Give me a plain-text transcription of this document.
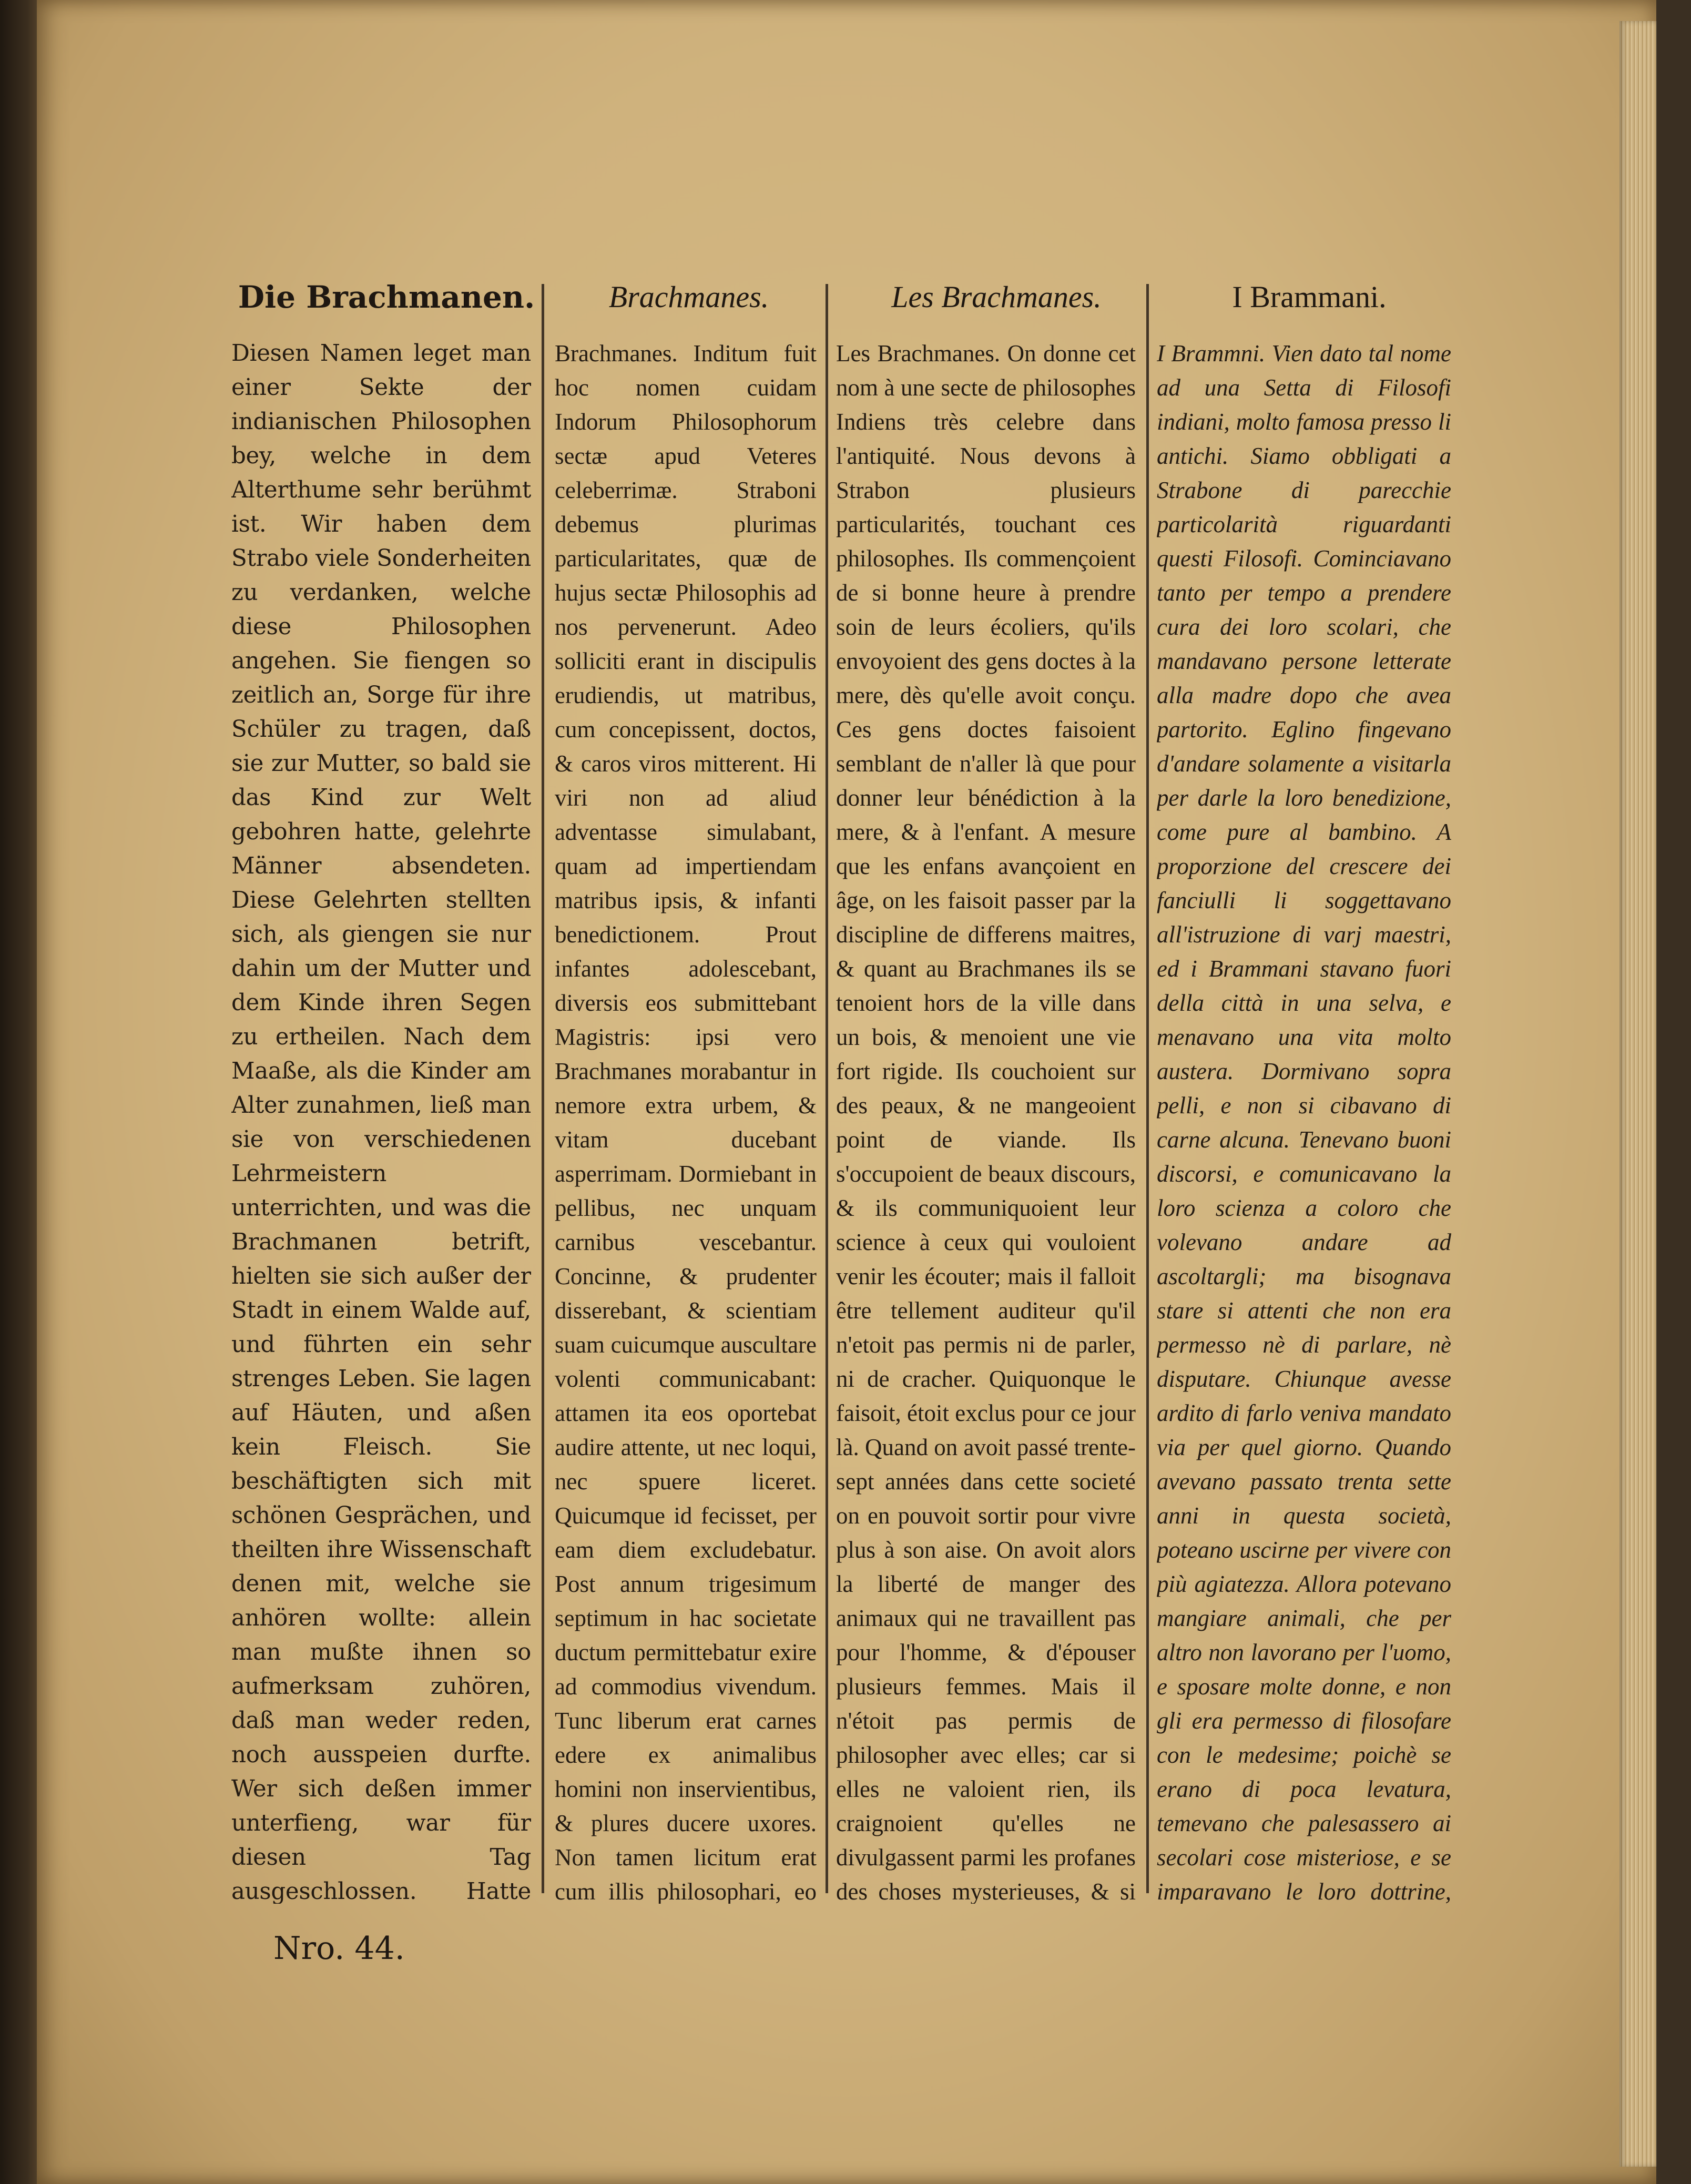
Die Brachmanen.	Brachmanes.	Les Brachmanes.	I Brammani.

Diesen Namen leget man einer Sekte der indianischen Philosophen bey, welche in dem Alterthume sehr berühmt ist. Wir haben dem Strabo viele Sonderheiten zu verdanken, welche diese Philosophen angehen. Sie fiengen so zeitlich an, Sorge für ihre Schüler zu tragen, daß sie zur Mutter, so bald sie das Kind zur Welt gebohren hatte, gelehrte Männer absendeten. Diese Gelehrten stellten sich, als giengen sie nur dahin um der Mutter und dem Kinde ihren Segen zu ertheilen. Nach dem Maaße, als die Kinder am Alter zunahmen, ließ man sie von verschiedenen Lehrmeistern unterrichten, und was die Brachmanen betrift, hielten sie sich außer der Stadt in einem Walde auf, und führten ein sehr strenges Leben. Sie lagen auf Häuten, und aßen kein Fleisch. Sie beschäftigten sich mit schönen Gesprächen, und theilten ihre Wissenschaft denen mit, welche sie anhören wollte: allein man mußte ihnen so aufmerksam zuhören, daß man weder reden, noch ausspeien durfte. Wer sich deßen immer unterfieng, war für diesen Tag ausgeschlossen. Hatte

Brachmanes. Inditum fuit hoc nomen cuidam Indorum Philosophorum sectæ apud Veteres celeberrimæ. Straboni debemus plurimas particularitates, quæ de hujus sectæ Philosophis ad nos pervenerunt. Adeo solliciti erant in discipulis erudiendis, ut matribus, cum concepissent, doctos, & caros viros mitterent. Hi viri non ad aliud adventasse simulabant, quam ad impertiendam matribus ipsis, & infanti benedictionem. Prout infantes adolescebant, diversis eos submittebant Magistris: ipsi vero Brachmanes morabantur in nemore extra urbem, & vitam ducebant asperrimam. Dormiebant in pellibus, nec unquam carnibus vescebantur. Concinne, & prudenter disserebant, & scientiam suam cuicumque auscultare volenti communicabant: attamen ita eos oportebat audire attente, ut nec loqui, nec spuere liceret. Quicumque id fecisset, per eam diem excludebatur. Post annum trigesimum septimum in hac societate ductum permittebatur exire ad commodius vivendum. Tunc liberum erat carnes edere ex animalibus homini non inservientibus, & plures ducere uxores. Non tamen licitum erat cum illis philosophari, eo

Les Brachmanes. On donne cet nom à une secte de philosophes Indiens très celebre dans l'antiquité. Nous devons à Strabon plusieurs particularités, touchant ces philosophes. Ils commençoient de si bonne heure à prendre soin de leurs écoliers, qu'ils envoyoient des gens doctes à la mere, dès qu'elle avoit conçu. Ces gens doctes faisoient semblant de n'aller là que pour donner leur bénédiction à la mere, & à l'enfant. A mesure que les enfans avançoient en âge, on les faisoit passer par la discipline de differens maitres, & quant au Brachmanes ils se tenoient hors de la ville dans un bois, & menoient une vie fort rigide. Ils couchoient sur des peaux, & ne mangeoient point de viande. Ils s'occupoient de beaux discours, & ils communiquoient leur science à ceux qui vouloient venir les écouter; mais il falloit être tellement auditeur qu'il n'etoit pas permis ni de parler, ni de cracher. Quiquonque le faisoit, étoit exclus pour ce jour là. Quand on avoit passé trente-sept années dans cette societé on en pouvoit sortir pour vivre plus à son aise. On avoit alors la liberté de manger des animaux qui ne travaillent pas pour l'homme, & d'épouser plusieurs femmes. Mais il n'étoit pas permis de philosopher avec elles; car si elles ne valoient rien, ils craignoient qu'elles ne divulgassent parmi les profanes des choses mysterieuses, & si

I Brammni. Vien dato tal nome ad una Setta di Filosofi indiani, molto famosa presso li antichi. Siamo obbligati a Strabone di parecchie particolarità riguardanti questi Filosofi. Cominciavano tanto per tempo a prendere cura dei loro scolari, che mandavano persone letterate alla madre dopo che avea partorito. Eglino fingevano d'andare solamente a visitarla per darle la loro benedizione, come pure al bambino. A proporzione del crescere dei fanciulli li soggettavano all'istruzione di varj maestri, ed i Brammani stavano fuori della città in una selva, e menavano una vita molto austera. Dormivano sopra pelli, e non si cibavano di carne alcuna. Tenevano buoni discorsi, e comunicavano la loro scienza a coloro che volevano andare ad ascoltargli; ma bisognava stare si attenti che non era permesso nè di parlare, nè disputare. Chiunque avesse ardito di farlo veniva mandato via per quel giorno. Quando avevano passato trenta sette anni in questa società, poteano uscirne per vivere con più agiatezza. Allora potevano mangiare animali, che per altro non lavorano per l'uomo, e sposare molte donne, e non gli era permesso di filosofare con le medesime; poichè se erano di poca levatura, temevano che palesassero ai secolari cose misteriose, e se imparavano le loro dottrine,

Nro. 44.
